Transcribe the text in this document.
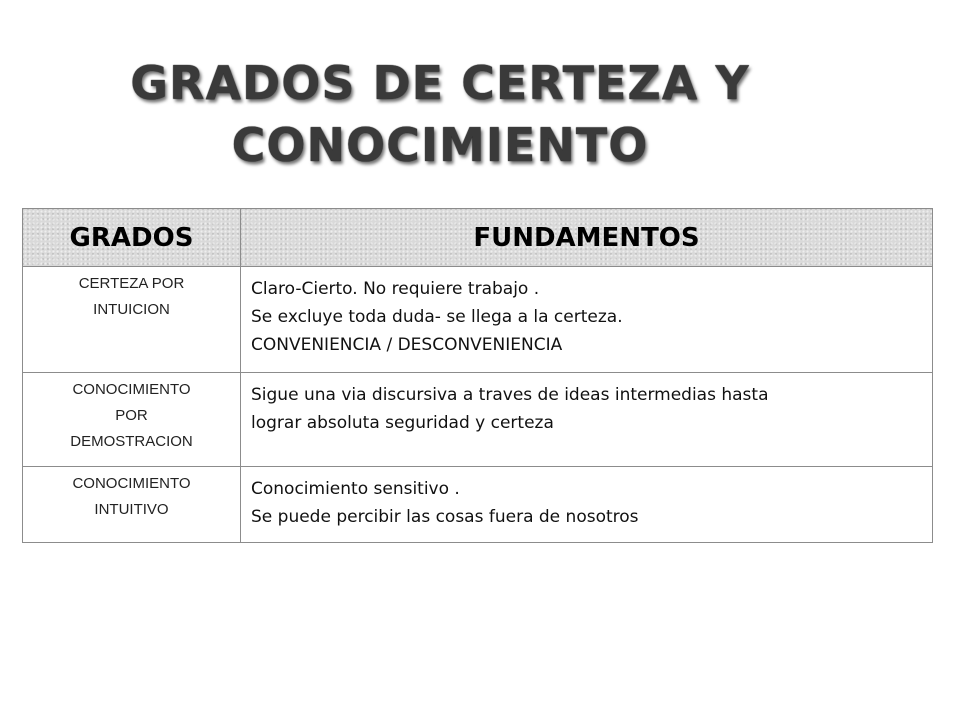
GRADOS DE CERTEZA Y
CONOCIMIENTO
GRADOS	FUNDAMENTOS

CERTEZA POR
INTUICION	Claro-Cierto. No requiere trabajo .
Se excluye toda duda- se llega a la certeza.
CONVENIENCIA / DESCONVENIENCIA

CONOCIMIENTO
POR
DEMOSTRACION	Sigue una via discursiva a traves de ideas intermedias hasta
lograr absoluta seguridad y certeza

CONOCIMIENTO
INTUITIVO	Conocimiento sensitivo .
Se puede percibir las cosas fuera de nosotros
